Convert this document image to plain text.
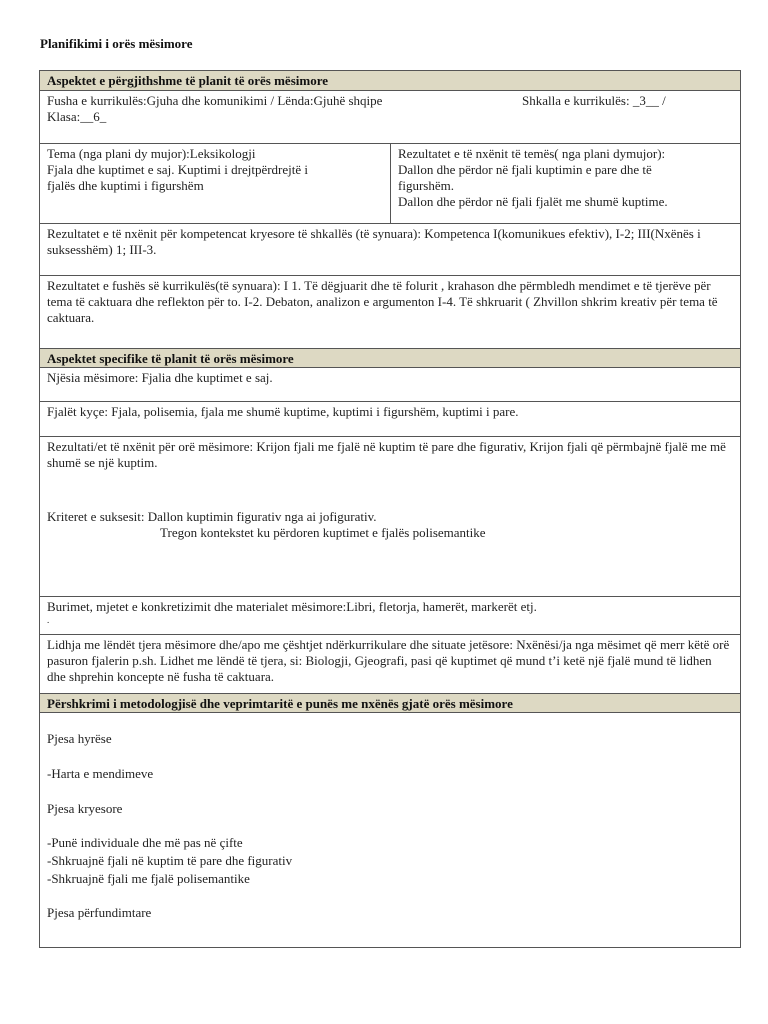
Planifikimi i orës mësimore
Aspektet e përgjithshme të planit të orës mësimore
Fusha e kurrikulës:Gjuha dhe komunikimi / Lënda:Gjuhë shqipe	Shkalla e kurrikulës: _3__ /
Klasa:__6_
Tema (nga plani dy mujor):Leksikologji
Fjala dhe kuptimet e saj. Kuptimi i drejtpërdrejtë i
fjalës dhe kuptimi i figurshëm
Rezultatet e të nxënit të temës( nga plani dymujor):
Dallon dhe përdor në fjali kuptimin e pare dhe të
figurshëm.
Dallon dhe përdor në fjali fjalët me shumë kuptime.
Rezultatet e të nxënit për kompetencat kryesore të shkallës (të synuara): Kompetenca I(komunikues efektiv), I-2; III(Nxënës i suksesshëm) 1; III-3.
Rezultatet e fushës së kurrikulës(të synuara): I 1. Të dëgjuarit dhe të folurit , krahason dhe përmbledh mendimet e të tjerëve për tema të caktuara dhe reflekton për to. I-2. Debaton, analizon e argumenton I-4. Të shkruarit ( Zhvillon shkrim kreativ për tema të caktuara.
Aspektet specifike të planit të orës mësimore
Njësia mësimore: Fjalia dhe kuptimet e saj.
Fjalët kyçe: Fjala, polisemia, fjala me shumë kuptime, kuptimi i figurshëm, kuptimi i pare.
Rezultati/et të nxënit për orë mësimore: Krijon fjali me fjalë në kuptim të pare dhe figurativ, Krijon fjali që përmbajnë fjalë me më shumë se një kuptim.
Kriteret e suksesit: Dallon kuptimin figurativ nga ai jofigurativ.
Tregon kontekstet ku përdoren kuptimet e fjalës polisemantike
Burimet, mjetet e konkretizimit dhe materialet mësimore:Libri, fletorja, hamerët, markerët etj.
.
Lidhja me lëndët tjera mësimore dhe/apo me çështjet ndërkurrikulare dhe situate jetësore: Nxënësi/ja nga mësimet që merr këtë orë pasuron fjalerin p.sh. Lidhet me lëndë të tjera, si: Biologji, Gjeografi, pasi që kuptimet që mund t’i ketë një fjalë mund të lidhen dhe shprehin koncepte në fusha të caktuara.
Përshkrimi i metodologjisë dhe veprimtaritë e punës me nxënës gjatë orës mësimore
Pjesa hyrëse
-Harta e mendimeve
Pjesa kryesore
-Punë individuale dhe më pas në çifte
-Shkruajnë fjali në kuptim të pare dhe figurativ
-Shkruajnë fjali me fjalë polisemantike
Pjesa përfundimtare
